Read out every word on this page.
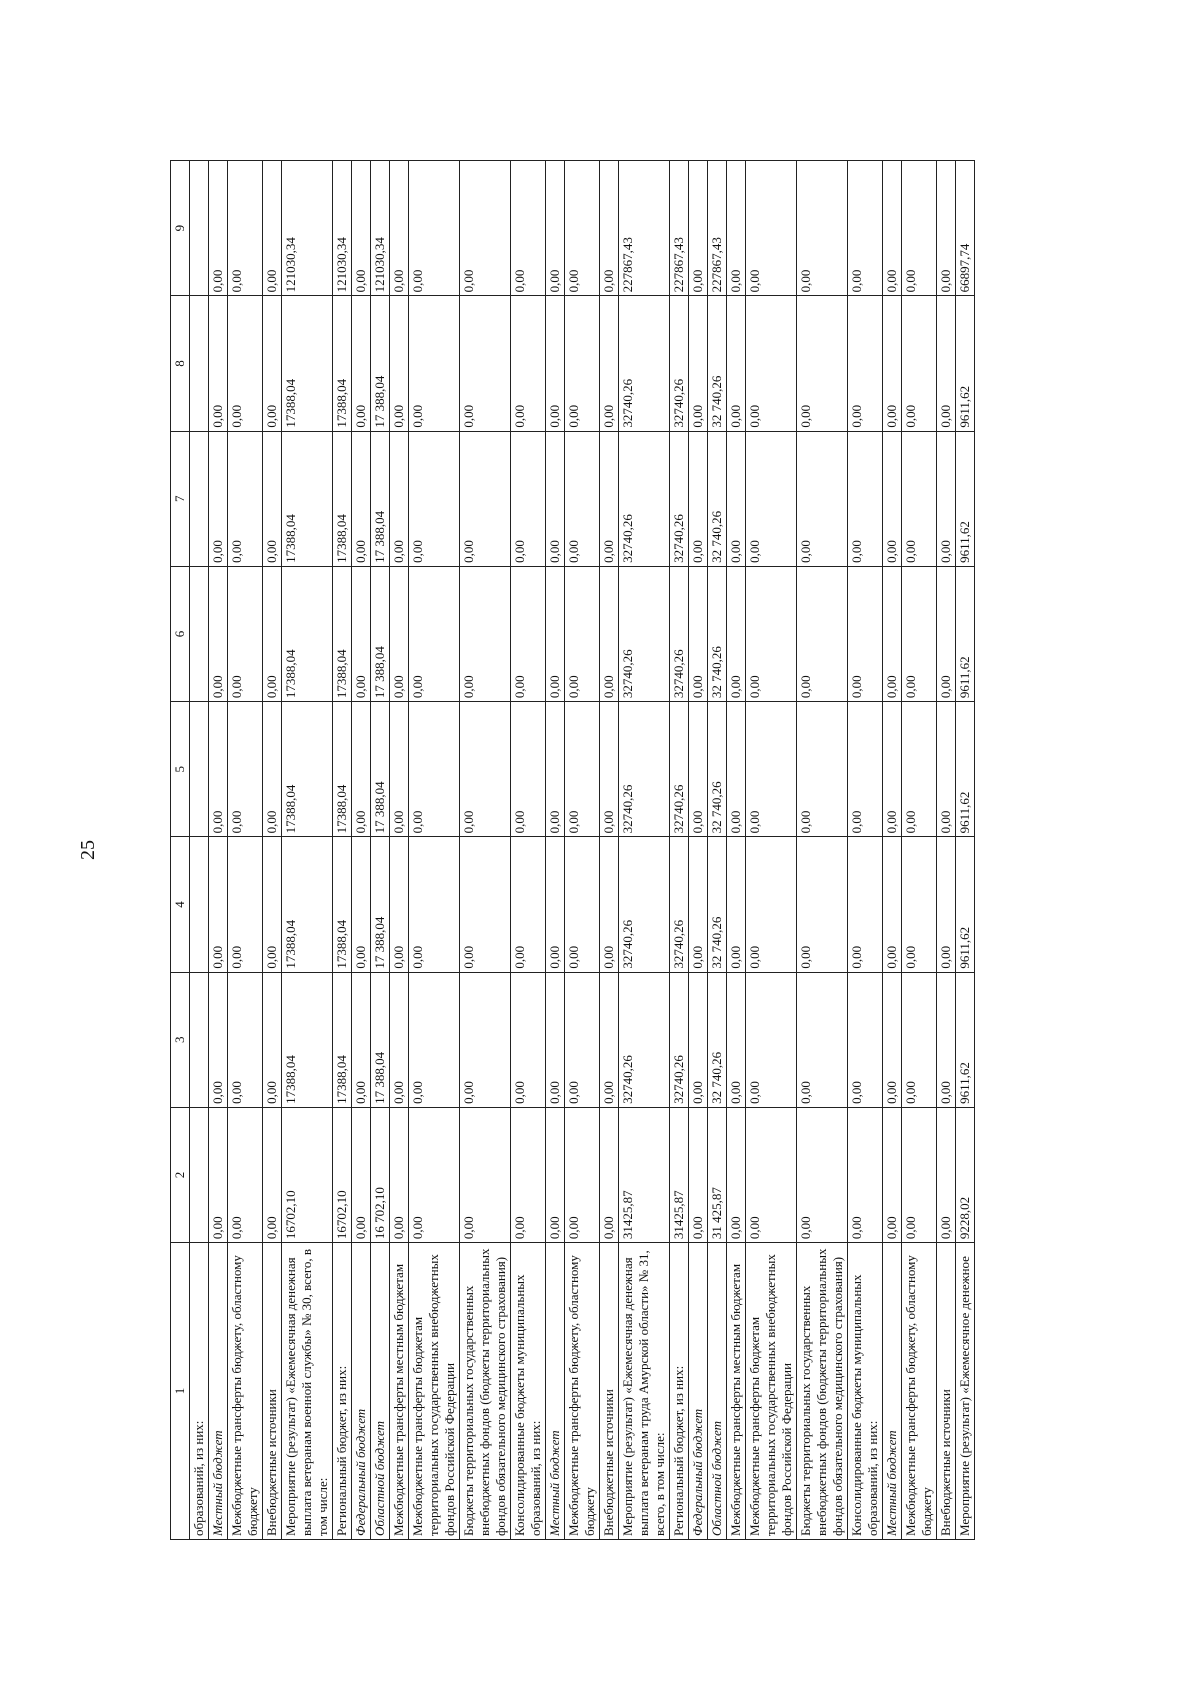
25
1	2	3	4	5	6	7	8	9
образований, из них:								
Местный бюджет	0,00	0,00	0,00	0,00	0,00	0,00	0,00	0,00
Межбюджетные трансферты бюджету, областному бюджету	0,00	0,00	0,00	0,00	0,00	0,00	0,00	0,00
Внебюджетные источники	0,00	0,00	0,00	0,00	0,00	0,00	0,00	0,00
Мероприятие (результат) «Ежемесячная денежная выплата ветеранам военной службы» № 30, всего, в том числе:	16702,10	17388,04	17388,04	17388,04	17388,04	17388,04	17388,04	121030,34
Региональный бюджет, из них:	16702,10	17388,04	17388,04	17388,04	17388,04	17388,04	17388,04	121030,34
Федеральный бюджет	0,00	0,00	0,00	0,00	0,00	0,00	0,00	0,00
Областной бюджет	16 702,10	17 388,04	17 388,04	17 388,04	17 388,04	17 388,04	17 388,04	121030,34
Межбюджетные трансферты местным бюджетам	0,00	0,00	0,00	0,00	0,00	0,00	0,00	0,00
Межбюджетные трансферты бюджетам территориальных государственных внебюджетных фондов Российской Федерации	0,00	0,00	0,00	0,00	0,00	0,00	0,00	0,00
Бюджеты территориальных государственных внебюджетных фондов (бюджеты территориальных фондов обязательного медицинского страхования)	0,00	0,00	0,00	0,00	0,00	0,00	0,00	0,00
Консолидированные бюджеты муниципальных образований, из них:	0,00	0,00	0,00	0,00	0,00	0,00	0,00	0,00
Местный бюджет	0,00	0,00	0,00	0,00	0,00	0,00	0,00	0,00
Межбюджетные трансферты бюджету, областному бюджету	0,00	0,00	0,00	0,00	0,00	0,00	0,00	0,00
Внебюджетные источники	0,00	0,00	0,00	0,00	0,00	0,00	0,00	0,00
Мероприятие (результат) «Ежемесячная денежная выплата ветеранам труда Амурской области» № 31, всего, в том числе:	31425,87	32740,26	32740,26	32740,26	32740,26	32740,26	32740,26	227867,43
Региональный бюджет, из них:	31425,87	32740,26	32740,26	32740,26	32740,26	32740,26	32740,26	227867,43
Федеральный бюджет	0,00	0,00	0,00	0,00	0,00	0,00	0,00	0,00
Областной бюджет	31 425,87	32 740,26	32 740,26	32 740,26	32 740,26	32 740,26	32 740,26	227867,43
Межбюджетные трансферты местным бюджетам	0,00	0,00	0,00	0,00	0,00	0,00	0,00	0,00
Межбюджетные трансферты бюджетам территориальных государственных внебюджетных фондов Российской Федерации	0,00	0,00	0,00	0,00	0,00	0,00	0,00	0,00
Бюджеты территориальных государственных внебюджетных фондов (бюджеты территориальных фондов обязательного медицинского страхования)	0,00	0,00	0,00	0,00	0,00	0,00	0,00	0,00
Консолидированные бюджеты муниципальных образований, из них:	0,00	0,00	0,00	0,00	0,00	0,00	0,00	0,00
Местный бюджет	0,00	0,00	0,00	0,00	0,00	0,00	0,00	0,00
Межбюджетные трансферты бюджету, областному бюджету	0,00	0,00	0,00	0,00	0,00	0,00	0,00	0,00
Внебюджетные источники	0,00	0,00	0,00	0,00	0,00	0,00	0,00	0,00
Мероприятие (результат) «Ежемесячное денежное	9228,02	9611,62	9611,62	9611,62	9611,62	9611,62	9611,62	66897,74
